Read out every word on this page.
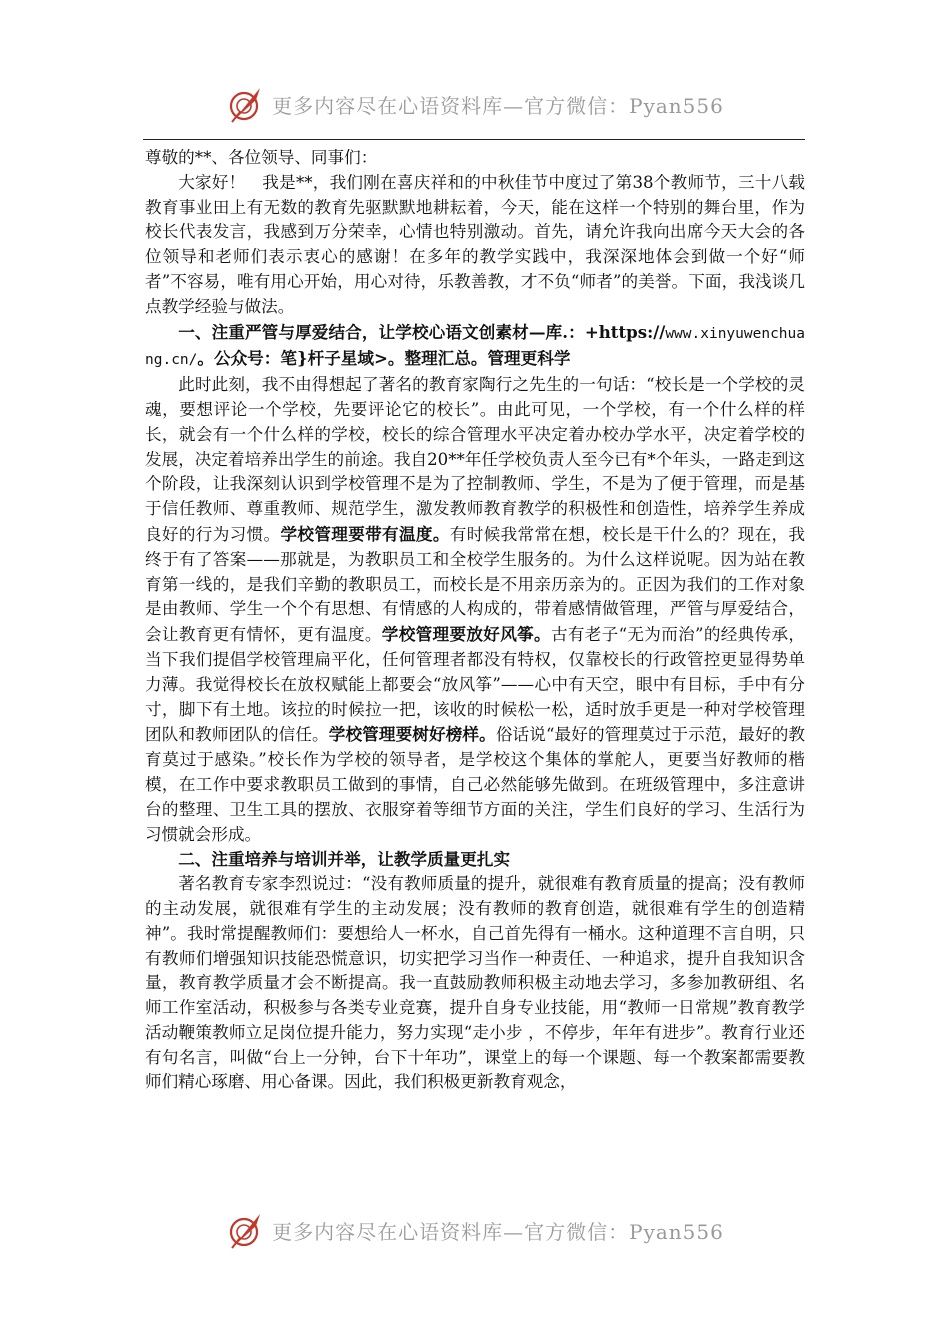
更多内容尽在心语资料库—官方微信：Pyan556

尊敬的**、各位领导、同事们：

大家好！　我是**，我们刚在喜庆祥和的中秋佳节中度过了第38个教师节，三十八载教育事业田上有无数的教育先驱默默地耕耘着，今天，能在这样一个特别的舞台里，作为校长代表发言，我感到万分荣幸，心情也特别激动。首先，请允许我向出席今天大会的各位领导和老师们表示衷心的感谢！在多年的教学实践中，我深深地体会到做一个好“师者”不容易，唯有用心开始，用心对待，乐教善教，才不负“师者”的美誉。下面，我浅谈几点教学经验与做法。

一、注重严管与厚爱结合，让学校心语文创素材—库.：+https://www.xinyuwenchuang.cn/。公众号：笔}杆子星域>。整理汇总。管理更科学

此时此刻，我不由得想起了著名的教育家陶行之先生的一句话：“校长是一个学校的灵魂，要想评论一个学校，先要评论它的校长”。由此可见，一个学校，有一个什么样的样长，就会有一个什么样的学校，校长的综合管理水平决定着办校办学水平，决定着学校的发展，决定着培养出学生的前途。我自20**年任学校负责人至今已有*个年头，一路走到这个阶段，让我深刻认识到学校管理不是为了控制教师、学生，不是为了便于管理，而是基于信任教师、尊重教师、规范学生，激发教师教育教学的积极性和创造性，培养学生养成良好的行为习惯。学校管理要带有温度。有时候我常常在想，校长是干什么的？现在，我终于有了答案——那就是，为教职员工和全校学生服务的。为什么这样说呢。因为站在教育第一线的，是我们辛勤的教职员工，而校长是不用亲历亲为的。正因为我们的工作对象是由教师、学生一个个有思想、有情感的人构成的，带着感情做管理，严管与厚爱结合，会让教育更有情怀，更有温度。学校管理要放好风筝。古有老子“无为而治”的经典传承，当下我们提倡学校管理扁平化，任何管理者都没有特权，仅靠校长的行政管控更显得势单力薄。我觉得校长在放权赋能上都要会“放风筝”——心中有天空，眼中有目标，手中有分寸，脚下有土地。该拉的时候拉一把，该收的时候松一松，适时放手更是一种对学校管理团队和教师团队的信任。学校管理要树好榜样。俗话说“最好的管理莫过于示范，最好的教育莫过于感染。”校长作为学校的领导者，是学校这个集体的掌舵人，更要当好教师的楷模，在工作中要求教职员工做到的事情，自己必然能够先做到。在班级管理中，多注意讲台的整理、卫生工具的摆放、衣服穿着等细节方面的关注，学生们良好的学习、生活行为习惯就会形成。

二、注重培养与培训并举，让教学质量更扎实

著名教育专家李烈说过：“没有教师质量的提升，就很难有教育质量的提高；没有教师的主动发展，就很难有学生的主动发展；没有教师的教育创造，就很难有学生的创造精神”。我时常提醒教师们：要想给人一杯水，自己首先得有一桶水。这种道理不言自明，只有教师们增强知识技能恐慌意识，切实把学习当作一种责任、一种追求，提升自我知识含量，教育教学质量才会不断提高。我一直鼓励教师积极主动地去学习，多参加教研组、名师工作室活动，积极参与各类专业竞赛，提升自身专业技能，用“教师一日常规”教育教学活动鞭策教师立足岗位提升能力，努力实现“走小步 ，不停步，年年有进步”。教育行业还有句名言，叫做“台上一分钟，台下十年功”，课堂上的每一个课题、每一个教案都需要教师们精心琢磨、用心备课。因此，我们积极更新教育观念，

更多内容尽在心语资料库—官方微信：Pyan556
